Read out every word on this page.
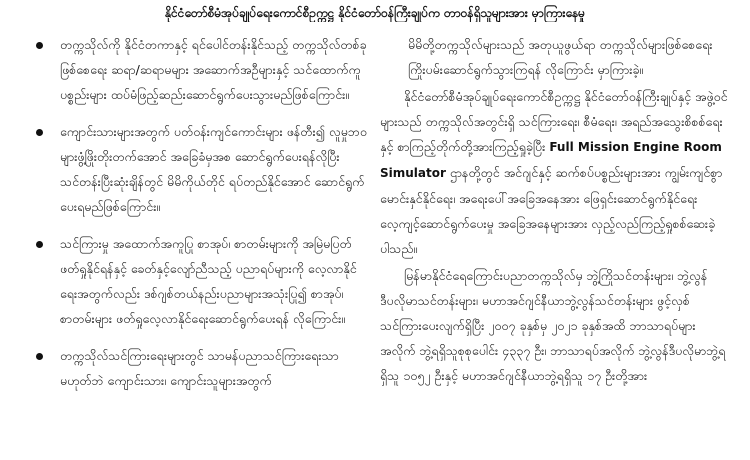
နိုင်ငံတော်စီမံအုပ်ချုပ်ရေးကောင်စီဥက္ကဋ္ဌ နိုင်ငံတော်ဝန်ကြီးချုပ်က တာဝန်ရှိသူများအား မှာကြားနေမှု
တက္ကသိုလ်ကို နိုင်ငံတကာနှင့် ရင်ပေါင်တန်းနိုင်သည့် တက္ကသိုလ်တစ်ခုဖြစ်စေရေး ဆရာ/ဆရာမများ အဆောက်အဦများနှင့် သင်ထောက်ကူပစ္စည်းများ ထပ်မံဖြည့်ဆည်းဆောင်ရွက်ပေးသွားမည်ဖြစ်ကြောင်း။
ကျောင်းသားများအတွက် ပတ်ဝန်းကျင်ကောင်းများ ဖန်တီး၍ လူမှုဘဝများဖွံ့ဖြိုးတိုးတက်အောင် အခြေခံမှအစ ဆောင်ရွက်ပေးရန်လိုပြီး သင်တန်းပြီးဆုံးချိန်တွင် မိမိကိုယ်တိုင် ရပ်တည်နိုင်အောင် ဆောင်ရွက်ပေးရမည်ဖြစ်ကြောင်း။
သင်ကြားမှု အထောက်အကူပြု စာအုပ်၊ စာတမ်းများကို အမြဲမပြတ်ဖတ်ရှုနိုင်ရန်နှင့် ခေတ်နှင့်လျော်ညီသည့် ပညာရပ်များကို လေ့လာနိုင်ရေးအတွက်လည်း ဒစ်ဂျစ်တယ်နည်းပညာများအသုံးပြု၍ စာအုပ်၊ စာတမ်းများ ဖတ်ရှုလေ့လာနိုင်ရေးဆောင်ရွက်ပေးရန် လိုကြောင်း။
တက္ကသိုလ်သင်ကြားရေးများတွင် သာမန်ပညာသင်ကြားရေးသာ မဟုတ်ဘဲ ကျောင်းသား၊ ကျောင်းသူများအတွက်
မိမိတို့တက္ကသိုလ်များသည် အတုယူဖွယ်ရာ တက္ကသိုလ်များဖြစ်စေရေး ကြိုးပမ်းဆောင်ရွက်သွားကြရန် လိုကြောင်း မှာကြားခဲ့။
နိုင်ငံတော်စီမံအုပ်ချုပ်ရေးကောင်စီဥက္ကဋ္ဌ နိုင်ငံတော်ဝန်ကြီးချုပ်နှင့် အဖွဲ့ဝင်များသည် တက္ကသိုလ်အတွင်းရှိ သင်ကြားရေး၊ စီမံရေး၊ အရည်အသွေးစိစစ်ရေးနှင့် စာကြည့်တိုက်တို့အားကြည့်ရှုခဲ့ပြီး Full Mission Engine Room Simulator ဌာနတို့တွင် အင်ဂျင်နှင့် ဆက်စပ်ပစ္စည်းများအား ကျွမ်းကျင်စွာ မောင်းနှင်နိုင်ရေး၊ အရေးပေါ်အခြေအနေအား ဖြေရှင်းဆောင်ရွက်နိုင်ရေး လေ့ကျင့်ဆောင်ရွက်ပေးမှု အခြေအနေများအား လှည့်လည်ကြည့်ရှုစစ်ဆေးခဲ့ပါသည်။
မြန်မာနိုင်ငံရေကြောင်းပညာတက္ကသိုလ်မှ ဘွဲ့ကြိုသင်တန်းများ၊ ဘွဲ့လွန်ဒီပလိုမာသင်တန်းများ၊ မဟာအင်ဂျင်နီယာဘွဲ့လွန်သင်တန်းများ ဖွင့်လှစ်သင်ကြားပေးလျက်ရှိပြီး ၂၀၀၇ ခုနှစ်မှ ၂၀၂၁ ခုနှစ်အထိ ဘာသာရပ်များအလိုက် ဘွဲ့ရရှိသူစုစုပေါင်း ၄၃၃၇ ဦး၊ ဘာသာရပ်အလိုက် ဘွဲ့လွန်ဒီပလိုမာဘွဲ့ရရှိသူ ၁၀၅၂ ဦးနှင့် မဟာအင်ဂျင်နီယာဘွဲ့ရရှိသူ ၁၇ ဦးတို့အား
